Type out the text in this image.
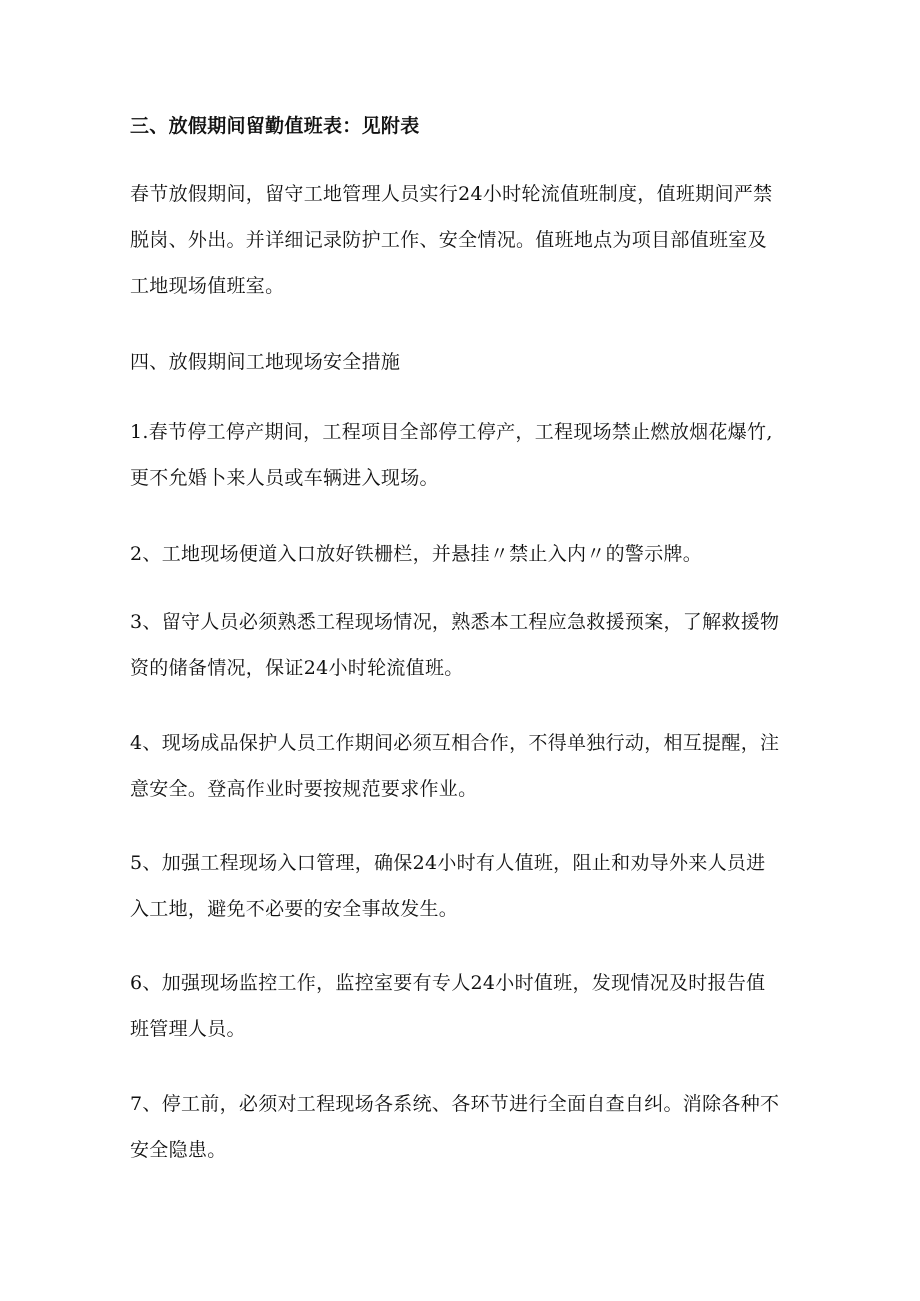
三、放假期间留勤值班表：见附表

春节放假期间，留守工地管理人员实行24小时轮流值班制度，值班期间严禁
脱岗、外出。并详细记录防护工作、安全情况。值班地点为项目部值班室及
工地现场值班室。

四、放假期间工地现场安全措施

1.春节停工停产期间，工程项目全部停工停产，工程现场禁止燃放烟花爆竹,
更不允婚卜来人员或车辆进入现场。

2、工地现场便道入口放好铁栅栏，并悬挂〃禁止入内〃的警示牌。

3、留守人员必须熟悉工程现场情况，熟悉本工程应急救援预案，了解救援物
资的储备情况，保证24小时轮流值班。

4、现场成品保护人员工作期间必须互相合作，不得单独行动，相互提醒，注
意安全。登高作业时要按规范要求作业。

5、加强工程现场入口管理，确保24小时有人值班，阻止和劝导外来人员进
入工地，避免不必要的安全事故发生。

6、加强现场监控工作，监控室要有专人24小时值班，发现情况及时报告值
班管理人员。

7、停工前，必须对工程现场各系统、各环节进行全面自查自纠。消除各种不
安全隐患。
